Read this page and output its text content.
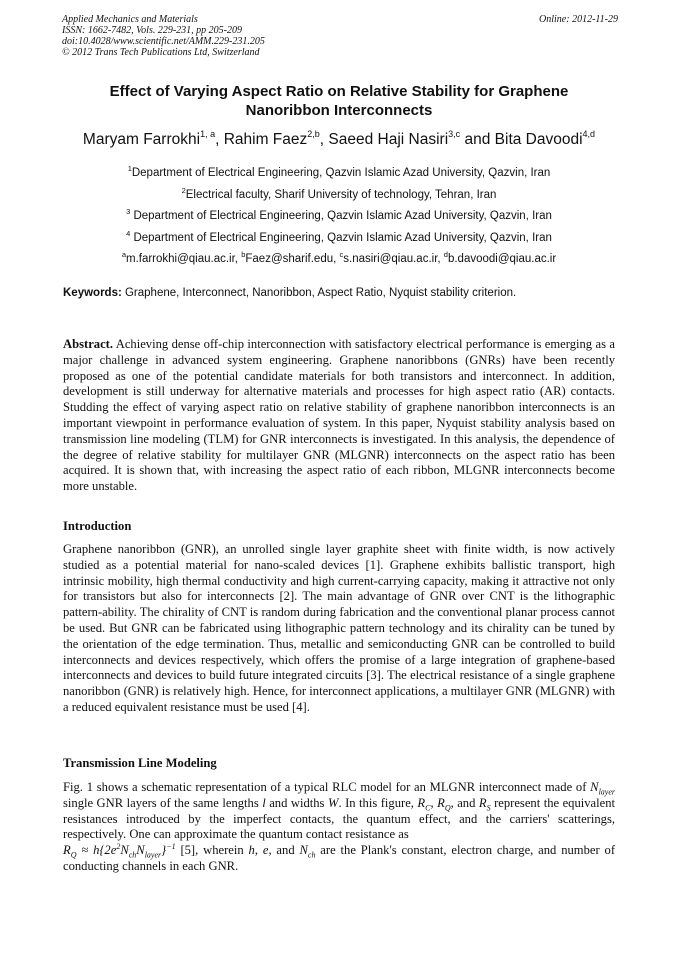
Applied Mechanics and Materials
ISSN: 1662-7482, Vols. 229-231, pp 205-209
doi:10.4028/www.scientific.net/AMM.229-231.205
© 2012 Trans Tech Publications Ltd, Switzerland
Online: 2012-11-29
Effect of Varying Aspect Ratio on Relative Stability for Graphene
Nanoribbon Interconnects
Maryam Farrokhi$^{1, a}$, Rahim Faez$^{2,b}$, Saeed Haji Nasiri$^{3,c}$ and Bita Davoodi$^{4,d}$
$^1$Department of Electrical Engineering, Qazvin Islamic Azad University, Qazvin, Iran
$^2$Electrical faculty, Sharif University of technology, Tehran, Iran
$^3$ Department of Electrical Engineering, Qazvin Islamic Azad University, Qazvin, Iran
$^4$ Department of Electrical Engineering, Qazvin Islamic Azad University, Qazvin, Iran
$^a$m.farrokhi@qiau.ac.ir, $^b$Faez@sharif.edu, $^c$s.nasiri@qiau.ac.ir, $^d$b.davoodi@qiau.ac.ir
Keywords: Graphene, Interconnect, Nanoribbon, Aspect Ratio, Nyquist stability criterion.
Abstract. Achieving dense off-chip interconnection with satisfactory electrical performance is emerging as a major challenge in advanced system engineering. Graphene nanoribbons (GNRs) have been recently proposed as one of the potential candidate materials for both transistors and interconnect. In addition, development is still underway for alternative materials and processes for high aspect ratio (AR) contacts. Studding the effect of varying aspect ratio on relative stability of graphene nanoribbon interconnects is an important viewpoint in performance evaluation of system. In this paper, Nyquist stability analysis based on transmission line modeling (TLM) for GNR interconnects is investigated. In this analysis, the dependence of the degree of relative stability for multilayer GNR (MLGNR) interconnects on the aspect ratio has been acquired. It is shown that, with increasing the aspect ratio of each ribbon, MLGNR interconnects become more unstable.
Introduction
Graphene nanoribbon (GNR), an unrolled single layer graphite sheet with finite width, is now actively studied as a potential material for nano-scaled devices [1]. Graphene exhibits ballistic transport, high intrinsic mobility, high thermal conductivity and high current-carrying capacity, making it attractive not only for transistors but also for interconnects [2]. The main advantage of GNR over CNT is the lithographic pattern-ability. The chirality of CNT is random during fabrication and the conventional planar process cannot be used. But GNR can be fabricated using lithographic pattern technology and its chirality can be tuned by the orientation of the edge termination. Thus, metallic and semiconducting GNR can be controlled to build interconnects and devices respectively, which offers the promise of a large integration of graphene-based interconnects and devices to build future integrated circuits [3]. The electrical resistance of a single graphene nanoribbon (GNR) is relatively high. Hence, for interconnect applications, a multilayer GNR (MLGNR) with a reduced equivalent resistance must be used [4].
Transmission Line Modeling
Fig. 1 shows a schematic representation of a typical RLC model for an MLGNR interconnect made of $N_{layer}$ single GNR layers of the same lengths l and widths W. In this figure, $R_C$, $R_Q$, and $R_S$ represent the equivalent resistances introduced by the imperfect contacts, the quantum effect, and the carriers' scatterings, respectively. One can approximate the quantum contact resistance as
$R_Q \approx h\{2e^2N_{ch}N_{layer}\}^{-1}$ [5], wherein h, e, and $N_{ch}$ are the Plank's constant, electron charge, and number of conducting channels in each GNR.
